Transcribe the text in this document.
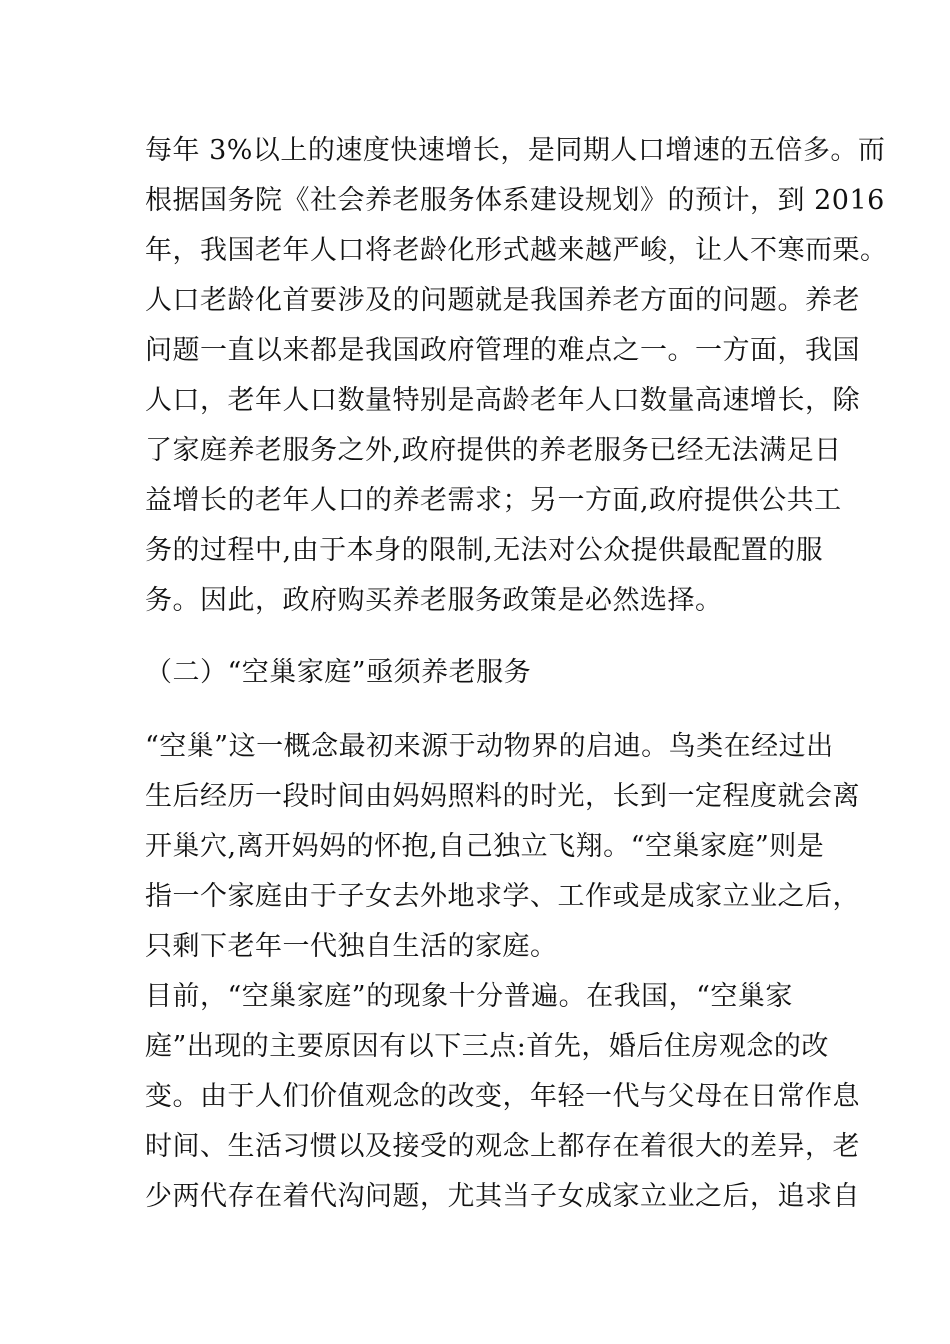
每年 3%以上的速度快速增长，是同期人口增速的五倍多。而
根据国务院《社会养老服务体系建设规划》的预计，到 2016
年，我国老年人口将老龄化形式越来越严峻，让人不寒而栗。
人口老龄化首要涉及的问题就是我国养老方面的问题。养老
问题一直以来都是我国政府管理的难点之一。一方面，我国
人口，老年人口数量特别是高龄老年人口数量高速增长，除
了家庭养老服务之外,政府提供的养老服务已经无法满足日
益增长的老年人口的养老需求；另一方面,政府提供公共工
务的过程中,由于本身的限制,无法对公众提供最配置的服
务。因此，政府购买养老服务政策是必然选择。
（二）“空巢家庭”亟须养老服务
“空巢”这一概念最初来源于动物界的启迪。鸟类在经过出
生后经历一段时间由妈妈照料的时光，长到一定程度就会离
开巢穴,离开妈妈的怀抱,自己独立飞翔。“空巢家庭”则是
指一个家庭由于子女去外地求学、工作或是成家立业之后，
只剩下老年一代独自生活的家庭。
目前，“空巢家庭”的现象十分普遍。在我国，“空巢家
庭”出现的主要原因有以下三点:首先，婚后住房观念的改
变。由于人们价值观念的改变，年轻一代与父母在日常作息
时间、生活习惯以及接受的观念上都存在着很大的差异，老
少两代存在着代沟问题，尤其当子女成家立业之后，追求自
